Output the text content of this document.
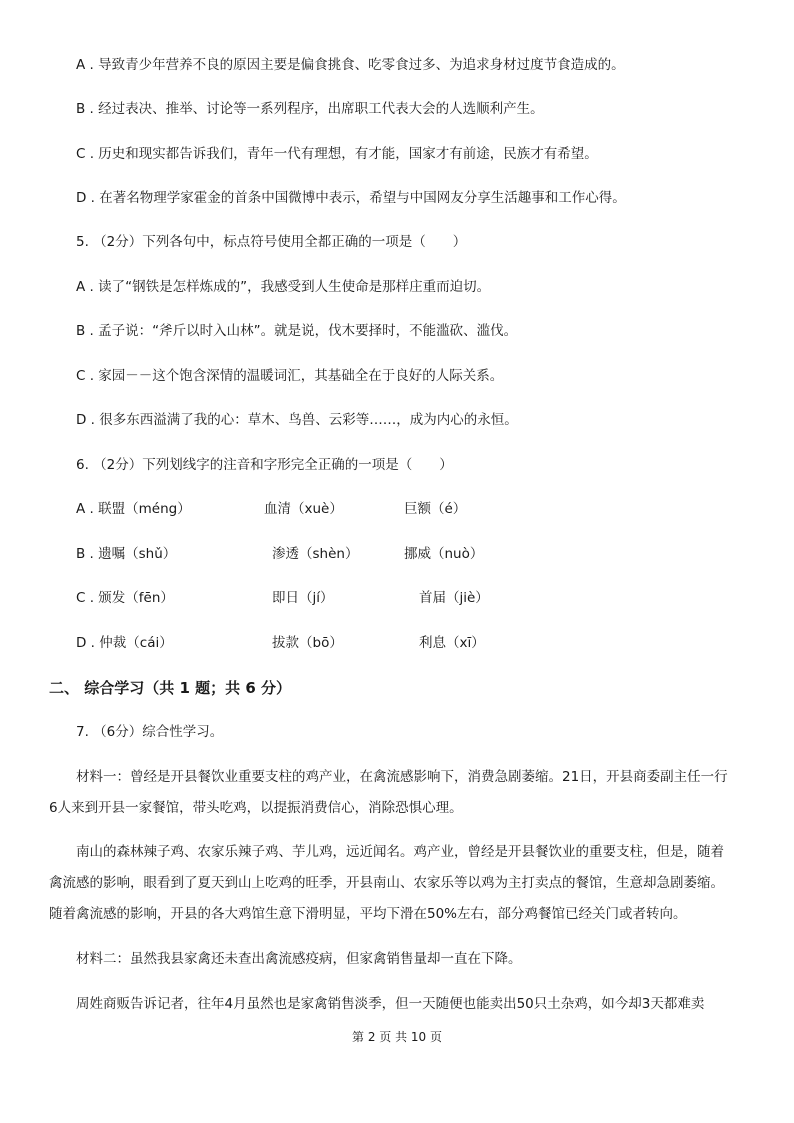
A . 导致青少年营养不良的原因主要是偏食挑食、吃零食过多、为追求身材过度节食造成的。
B . 经过表决、推举、讨论等一系列程序，出席职工代表大会的人选顺利产生。
C . 历史和现实都告诉我们，青年一代有理想，有才能，国家才有前途，民族才有希望。
D . 在著名物理学家霍金的首条中国微博中表示，希望与中国网友分享生活趣事和工作心得。
5. （2分）下列各句中，标点符号使用全都正确的一项是（　　）
A . 读了“钢铁是怎样炼成的”，我感受到人生使命是那样庄重而迫切。
B . 孟子说：“斧斤以时入山林”。就是说，伐木要择时，不能滥砍、滥伐。
C . 家园－－这个饱含深情的温暖词汇，其基础全在于良好的人际关系。
D . 很多东西溢满了我的心：草木、鸟兽、云彩等……，成为内心的永恒。
6. （2分）下列划线字的注音和字形完全正确的一项是（　　）
A . 联盟（méng）	血清（xuè）	巨额（é）
B . 遗嘱（shǔ）	渗透（shèn）	挪威（nuò）
C . 颁发（fēn）	即日（jí）	首届（jiè）
D . 仲裁（cái）	拔款（bō）	利息（xī）
二、 综合学习（共 1 题；共 6 分）
7. （6分）综合性学习。
材料一：曾经是开县餐饮业重要支柱的鸡产业，在禽流感影响下，消费急剧萎缩。21日，开县商委副主任一行
6人来到开县一家餐馆，带头吃鸡，以提振消费信心，消除恐惧心理。
南山的森林辣子鸡、农家乐辣子鸡、芋儿鸡，远近闻名。鸡产业，曾经是开县餐饮业的重要支柱，但是，随着
禽流感的影响，眼看到了夏天到山上吃鸡的旺季，开县南山、农家乐等以鸡为主打卖点的餐馆，生意却急剧萎缩。
随着禽流感的影响，开县的各大鸡馆生意下滑明显，平均下滑在50%左右，部分鸡餐馆已经关门或者转向。
材料二：虽然我县家禽还未查出禽流感疫病，但家禽销售量却一直在下降。
周姓商贩告诉记者，往年4月虽然也是家禽销售淡季，但一天随便也能卖出50只土杂鸡，如今却3天都难卖
第 2 页 共 10 页
